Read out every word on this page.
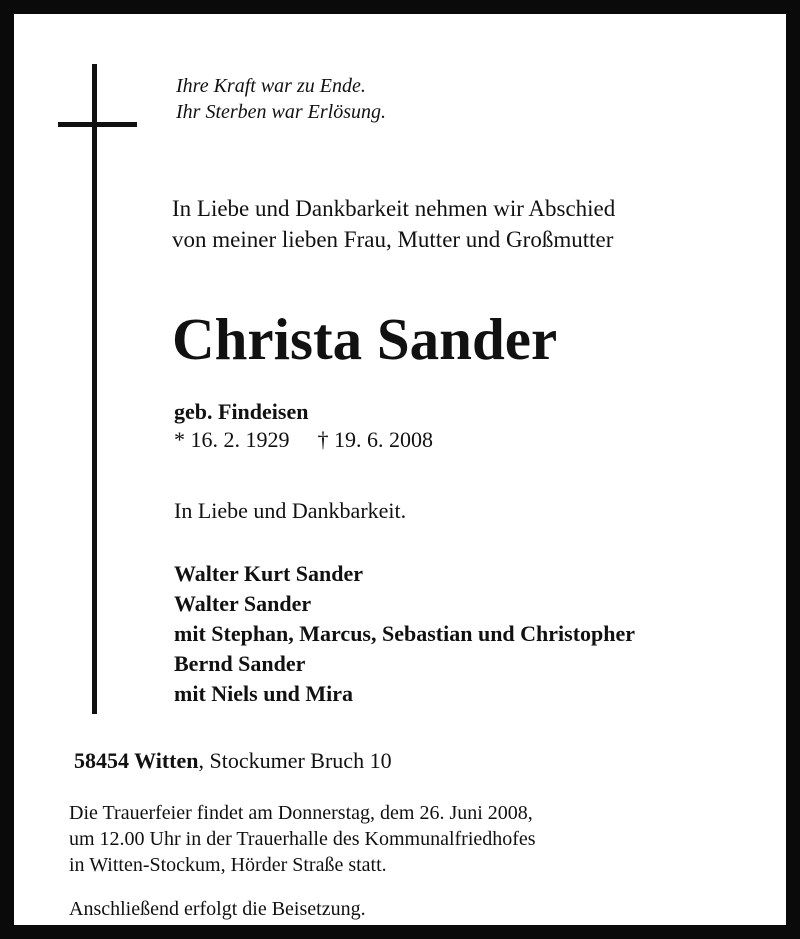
Ihre Kraft war zu Ende.
Ihr Sterben war Erlösung.
In Liebe und Dankbarkeit nehmen wir Abschied
von meiner lieben Frau, Mutter und Großmutter
Christa Sander
geb. Findeisen
* 16. 2. 1929 † 19. 6. 2008
In Liebe und Dankbarkeit.
Walter Kurt Sander
Walter Sander
mit Stephan, Marcus, Sebastian und Christopher
Bernd Sander
mit Niels und Mira
58454 Witten, Stockumer Bruch 10
Die Trauerfeier findet am Donnerstag, dem 26. Juni 2008,
um 12.00 Uhr in der Trauerhalle des Kommunalfriedhofes
in Witten-Stockum, Hörder Straße statt.
Anschließend erfolgt die Beisetzung.
